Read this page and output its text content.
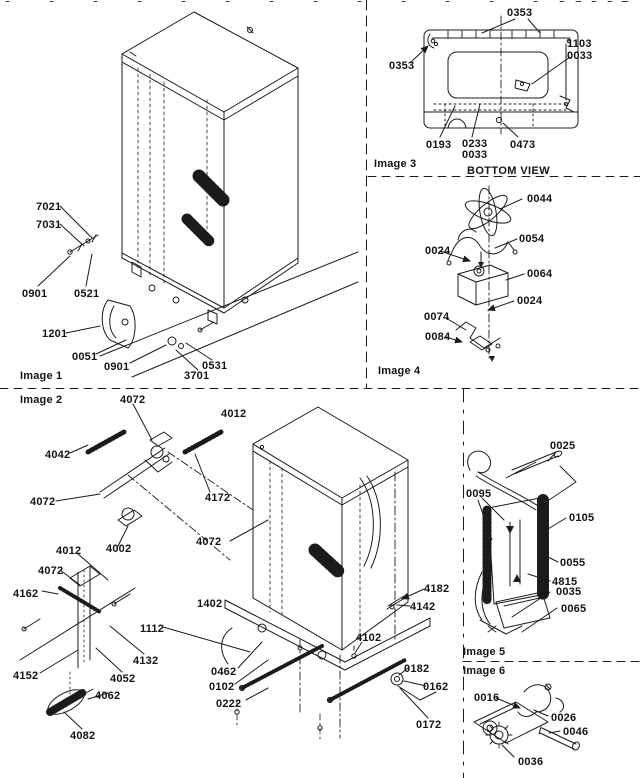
7021
7031
0901 0521
1201
0051
0901	0531
3701
Image 1
0353
0353
1103
0033
0193 0233
0033
0473
Image 3
BOTTOM VIEW
0044
0054
0024
0064
0024
0074
0084
Image 4
Image 2	4072
4012
4042
4072	4172
4072
4012 4002
4072
4162
1402
1112
4132
4152	4052
4062
4082
4182
4142
4102
0462
0102
0222
0182
0162
0172
0025
0095
0105
0055
4815
0035
0065
Image 5
Image 6
0016
0026
0046
0036
